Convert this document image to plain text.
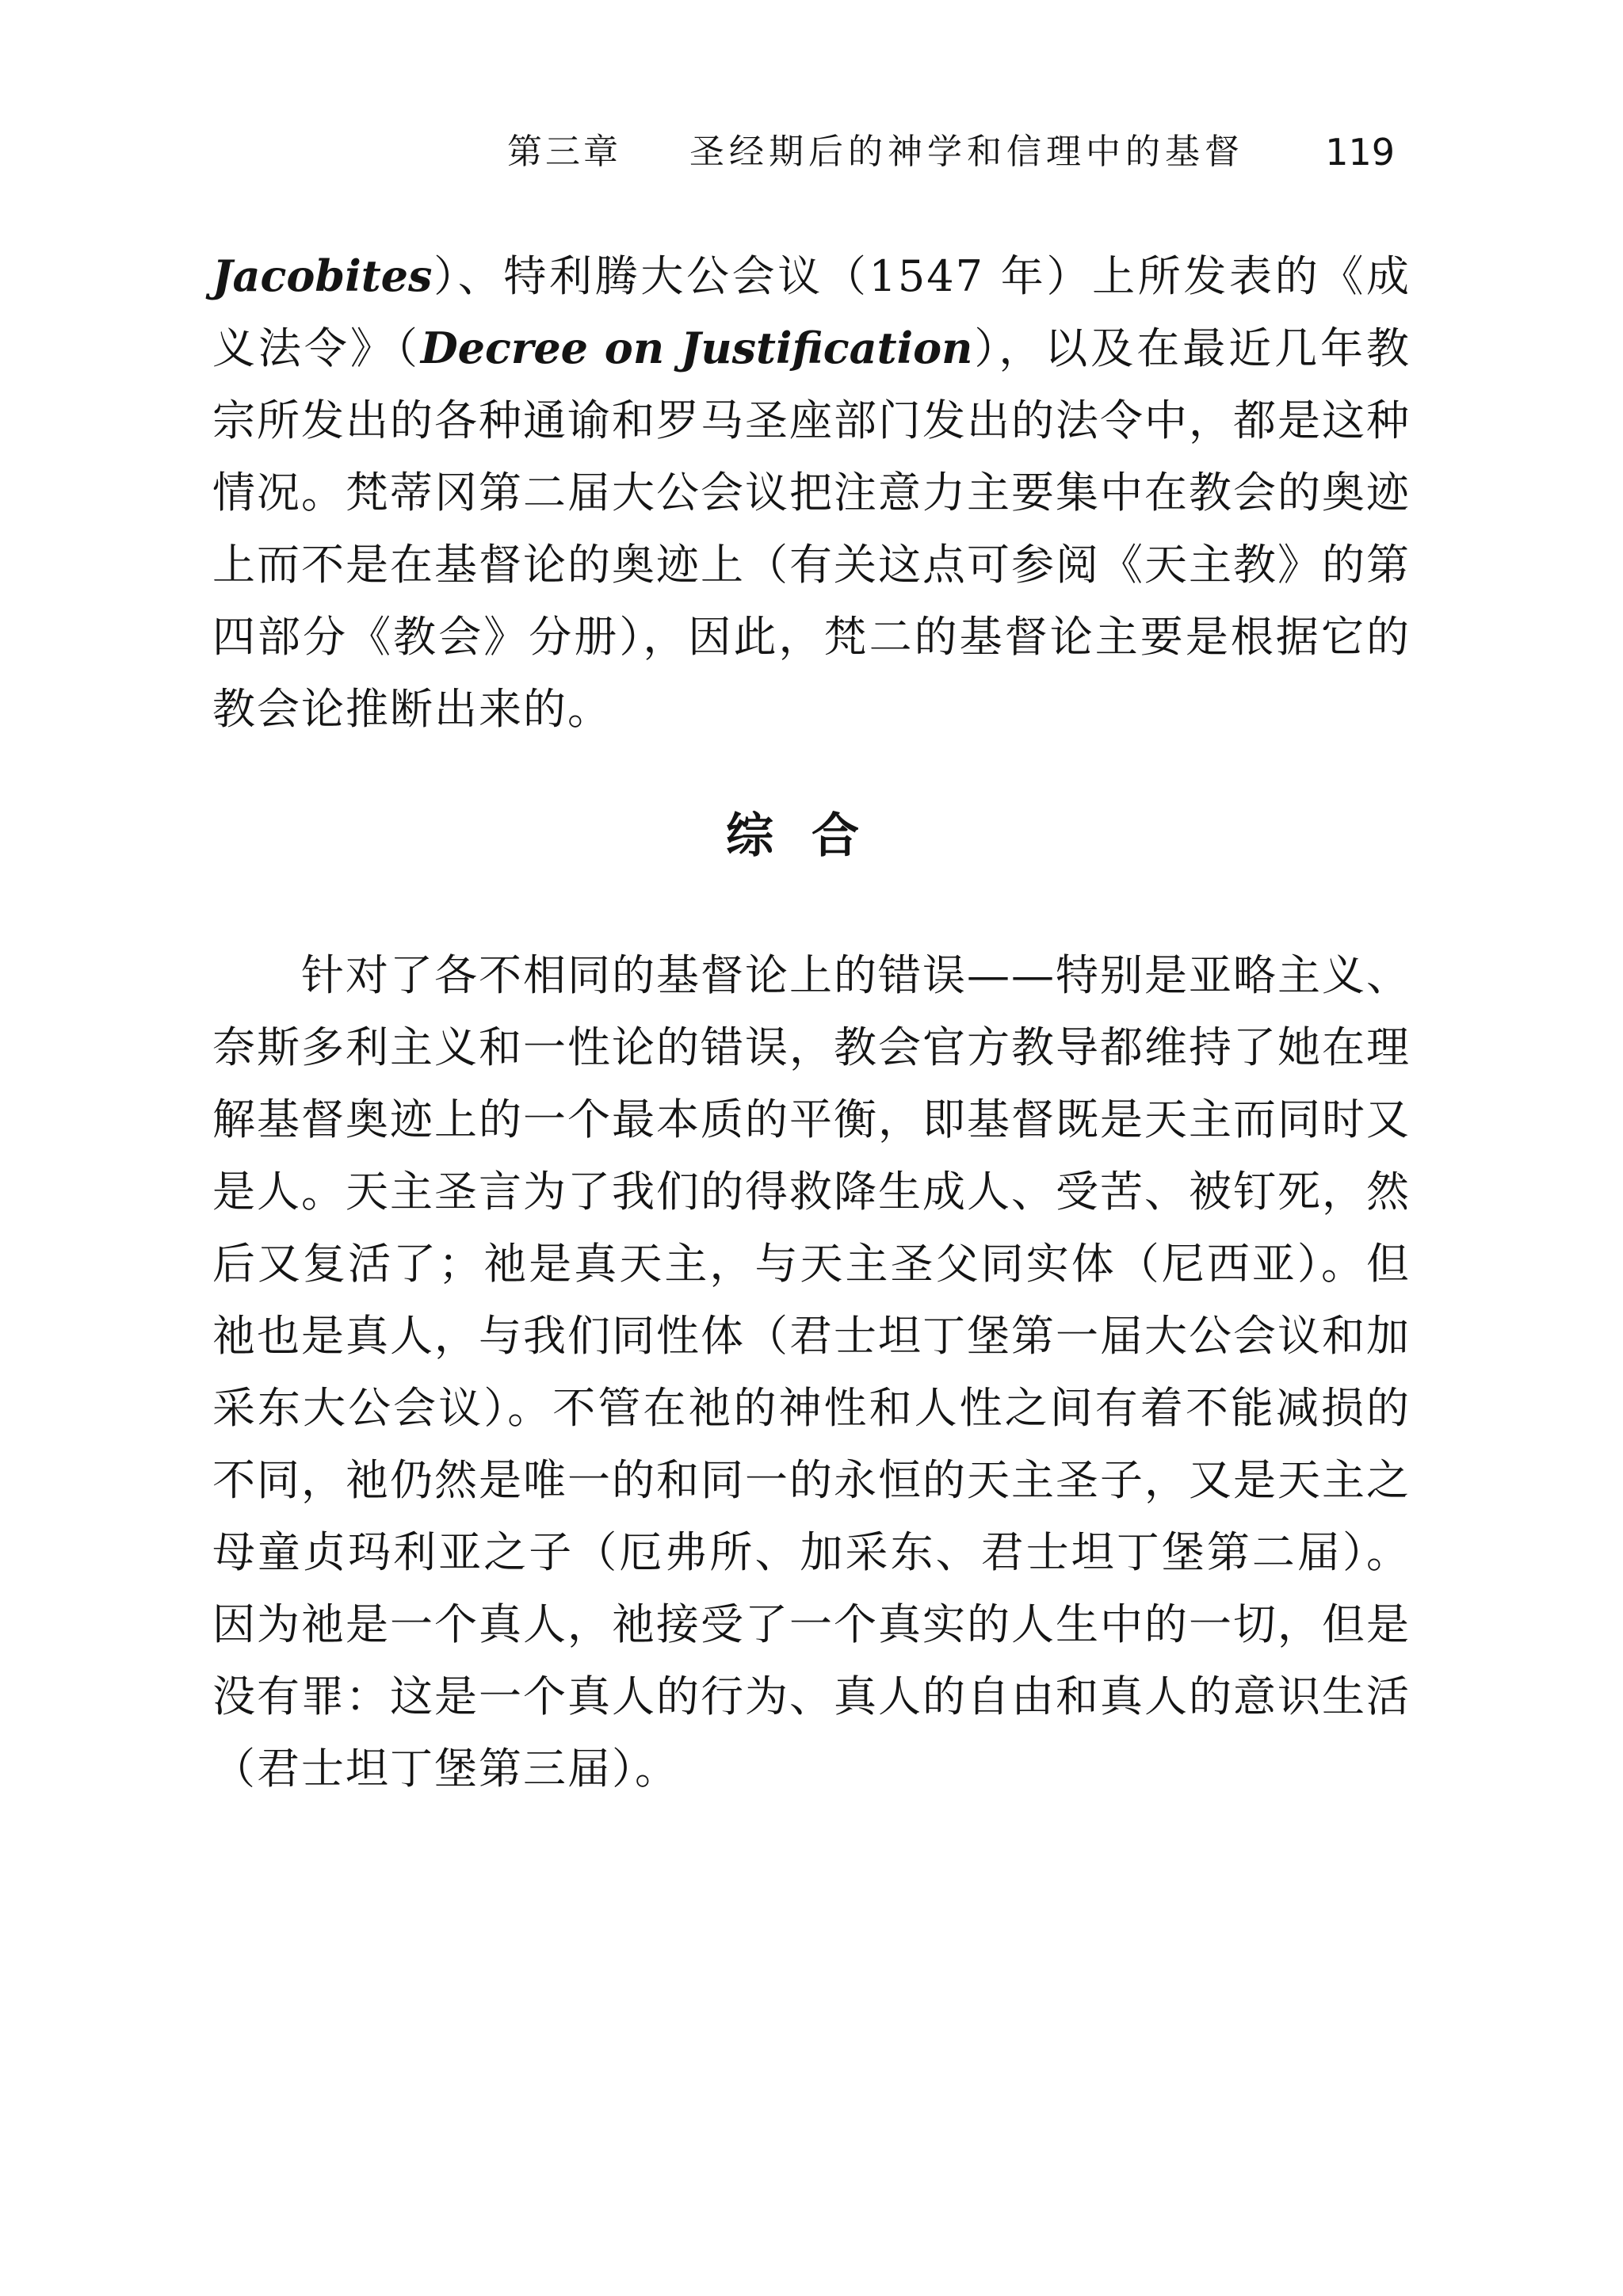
第三章 圣经期后的神学和信理中的基督 119

Jacobites）、特利腾大公会议（1547 年）上所发表的《成义法令》（Decree on Justification），以及在最近几年教宗所发出的各种通谕和罗马圣座部门发出的法令中，都是这种情况。梵蒂冈第二届大公会议把注意力主要集中在教会的奥迹上而不是在基督论的奥迹上（有关这点可参阅《天主教》的第四部分《教会》分册），因此，梵二的基督论主要是根据它的教会论推断出来的。

综合

针对了各不相同的基督论上的错误——特别是亚略主义、奈斯多利主义和一性论的错误，教会官方教导都维持了她在理解基督奥迹上的一个最本质的平衡，即基督既是天主而同时又是人。天主圣言为了我们的得救降生成人、受苦、被钉死，然后又复活了；祂是真天主，与天主圣父同实体（尼西亚）。但祂也是真人，与我们同性体（君士坦丁堡第一届大公会议和加采东大公会议）。不管在祂的神性和人性之间有着不能减损的不同，祂仍然是唯一的和同一的永恒的天主圣子，又是天主之母童贞玛利亚之子（厄弗所、加采东、君士坦丁堡第二届）。因为祂是一个真人，祂接受了一个真实的人生中的一切，但是没有罪：这是一个真人的行为、真人的自由和真人的意识生活（君士坦丁堡第三届）。
